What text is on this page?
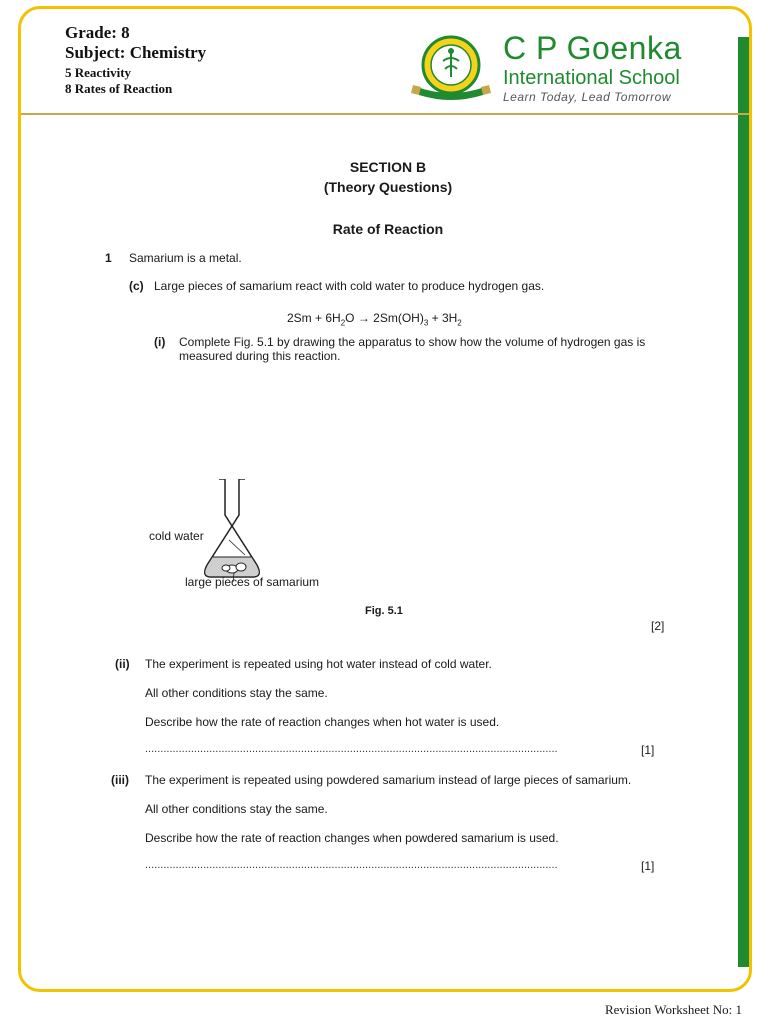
Grade: 8
Subject: Chemistry
5 Reactivity
8 Rates of Reaction
C P Goenka
International School
Learn Today, Lead Tomorrow
SECTION B
(Theory Questions)
Rate of Reaction
1 Samarium is a metal.
(c) Large pieces of samarium react with cold water to produce hydrogen gas.
$2Sm + 6H_2O \to 2Sm(OH)_3 + 3H_2$
(i) Complete Fig. 5.1 by drawing the apparatus to show how the volume of hydrogen gas is
measured during this reaction.
cold water
large pieces of samarium
Fig. 5.1
[2]
(ii) The experiment is repeated using hot water instead of cold water.
All other conditions stay the same.
Describe how the rate of reaction changes when hot water is used.
.......................................................................................................................................	[1]
(iii) The experiment is repeated using powdered samarium instead of large pieces of samarium.
All other conditions stay the same.
Describe how the rate of reaction changes when powdered samarium is used.
.......................................................................................................................................	[1]
Revision Worksheet No: 1
